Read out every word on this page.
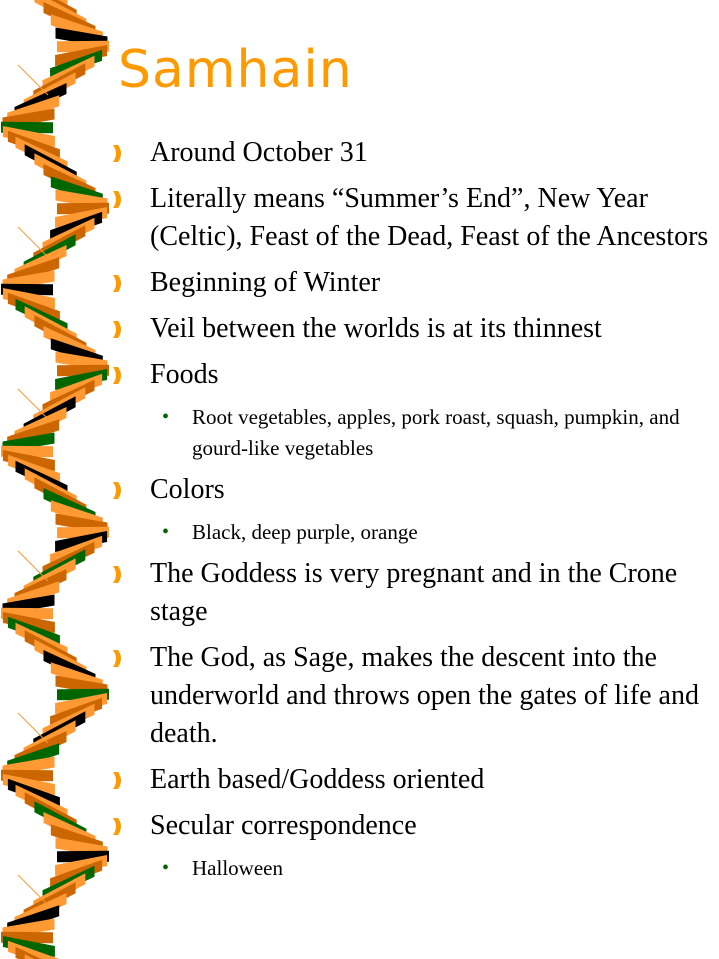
Samhain
Around October 31
Literally means “Summer’s End”, New Year (Celtic), Feast of the Dead, Feast of the Ancestors
Beginning of Winter
Veil between the worlds is at its thinnest
Foods
• Root vegetables, apples, pork roast, squash, pumpkin, and gourd-like vegetables
Colors
• Black, deep purple, orange
The Goddess is very pregnant and in the Crone stage
The God, as Sage, makes the descent into the underworld and throws open the gates of life and death.
Earth based/Goddess oriented
Secular correspondence
• Halloween
